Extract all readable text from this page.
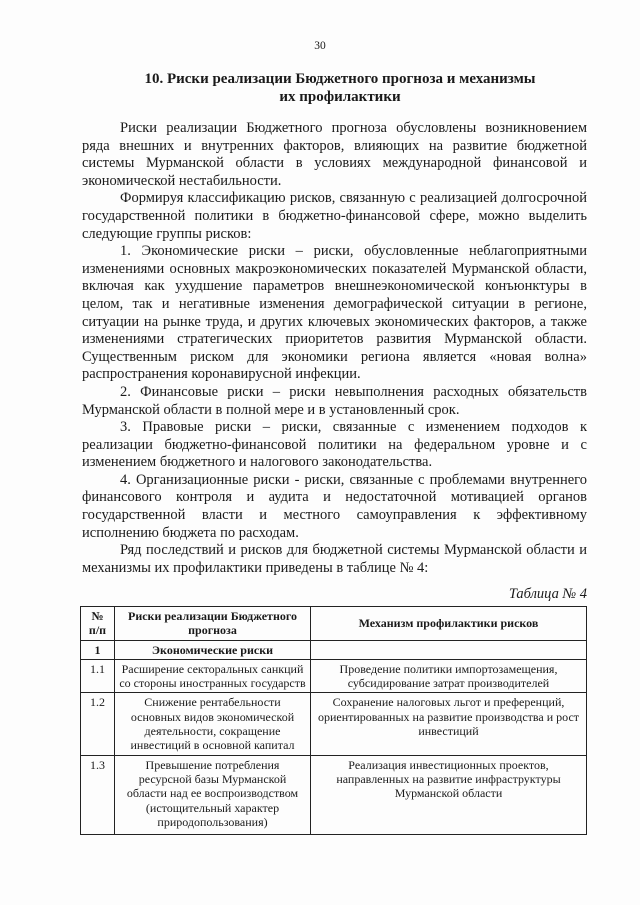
30
10. Риски реализации Бюджетного прогноза и механизмы
их профилактики

Риски реализации Бюджетного прогноза обусловлены возникновением ряда внешних и внутренних факторов, влияющих на развитие бюджетной системы Мурманской области в условиях международной финансовой и экономической нестабильности.

Формируя классификацию рисков, связанную с реализацией долгосрочной государственной политики в бюджетно-финансовой сфере, можно выделить следующие группы рисков:

1. Экономические риски – риски, обусловленные неблагоприятными изменениями основных макроэкономических показателей Мурманской области, включая как ухудшение параметров внешнеэкономической конъюнктуры в целом, так и негативные изменения демографической ситуации в регионе, ситуации на рынке труда, и других ключевых экономических факторов, а также изменениями стратегических приоритетов развития Мурманской области. Существенным риском для экономики региона является «новая волна» распространения коронавирусной инфекции.

2. Финансовые риски – риски невыполнения расходных обязательств Мурманской области в полной мере и в установленный срок.

3. Правовые риски – риски, связанные с изменением подходов к реализации бюджетно-финансовой политики на федеральном уровне и с изменением бюджетного и налогового законодательства.

4. Организационные риски - риски, связанные с проблемами внутреннего финансового контроля и аудита и недостаточной мотивацией органов государственной власти и местного самоуправления к эффективному исполнению бюджета по расходам.

Ряд последствий и рисков для бюджетной системы Мурманской области и механизмы их профилактики приведены в таблице № 4:

Таблица № 4
№ п/п	Риски реализации Бюджетного прогноза	Механизм профилактики рисков
1	Экономические риски	
1.1	Расширение секторальных санкций со стороны иностранных государств	Проведение политики импортозамещения, субсидирование затрат производителей
1.2	Снижение рентабельности основных видов экономической деятельности, сокращение инвестиций в основной капитал	Сохранение налоговых льгот и преференций, ориентированных на развитие производства и рост инвестиций
1.3	Превышение потребления ресурсной базы Мурманской области над ее воспроизводством (истощительный характер природопользования)	Реализация инвестиционных проектов, направленных на развитие инфраструктуры Мурманской области
